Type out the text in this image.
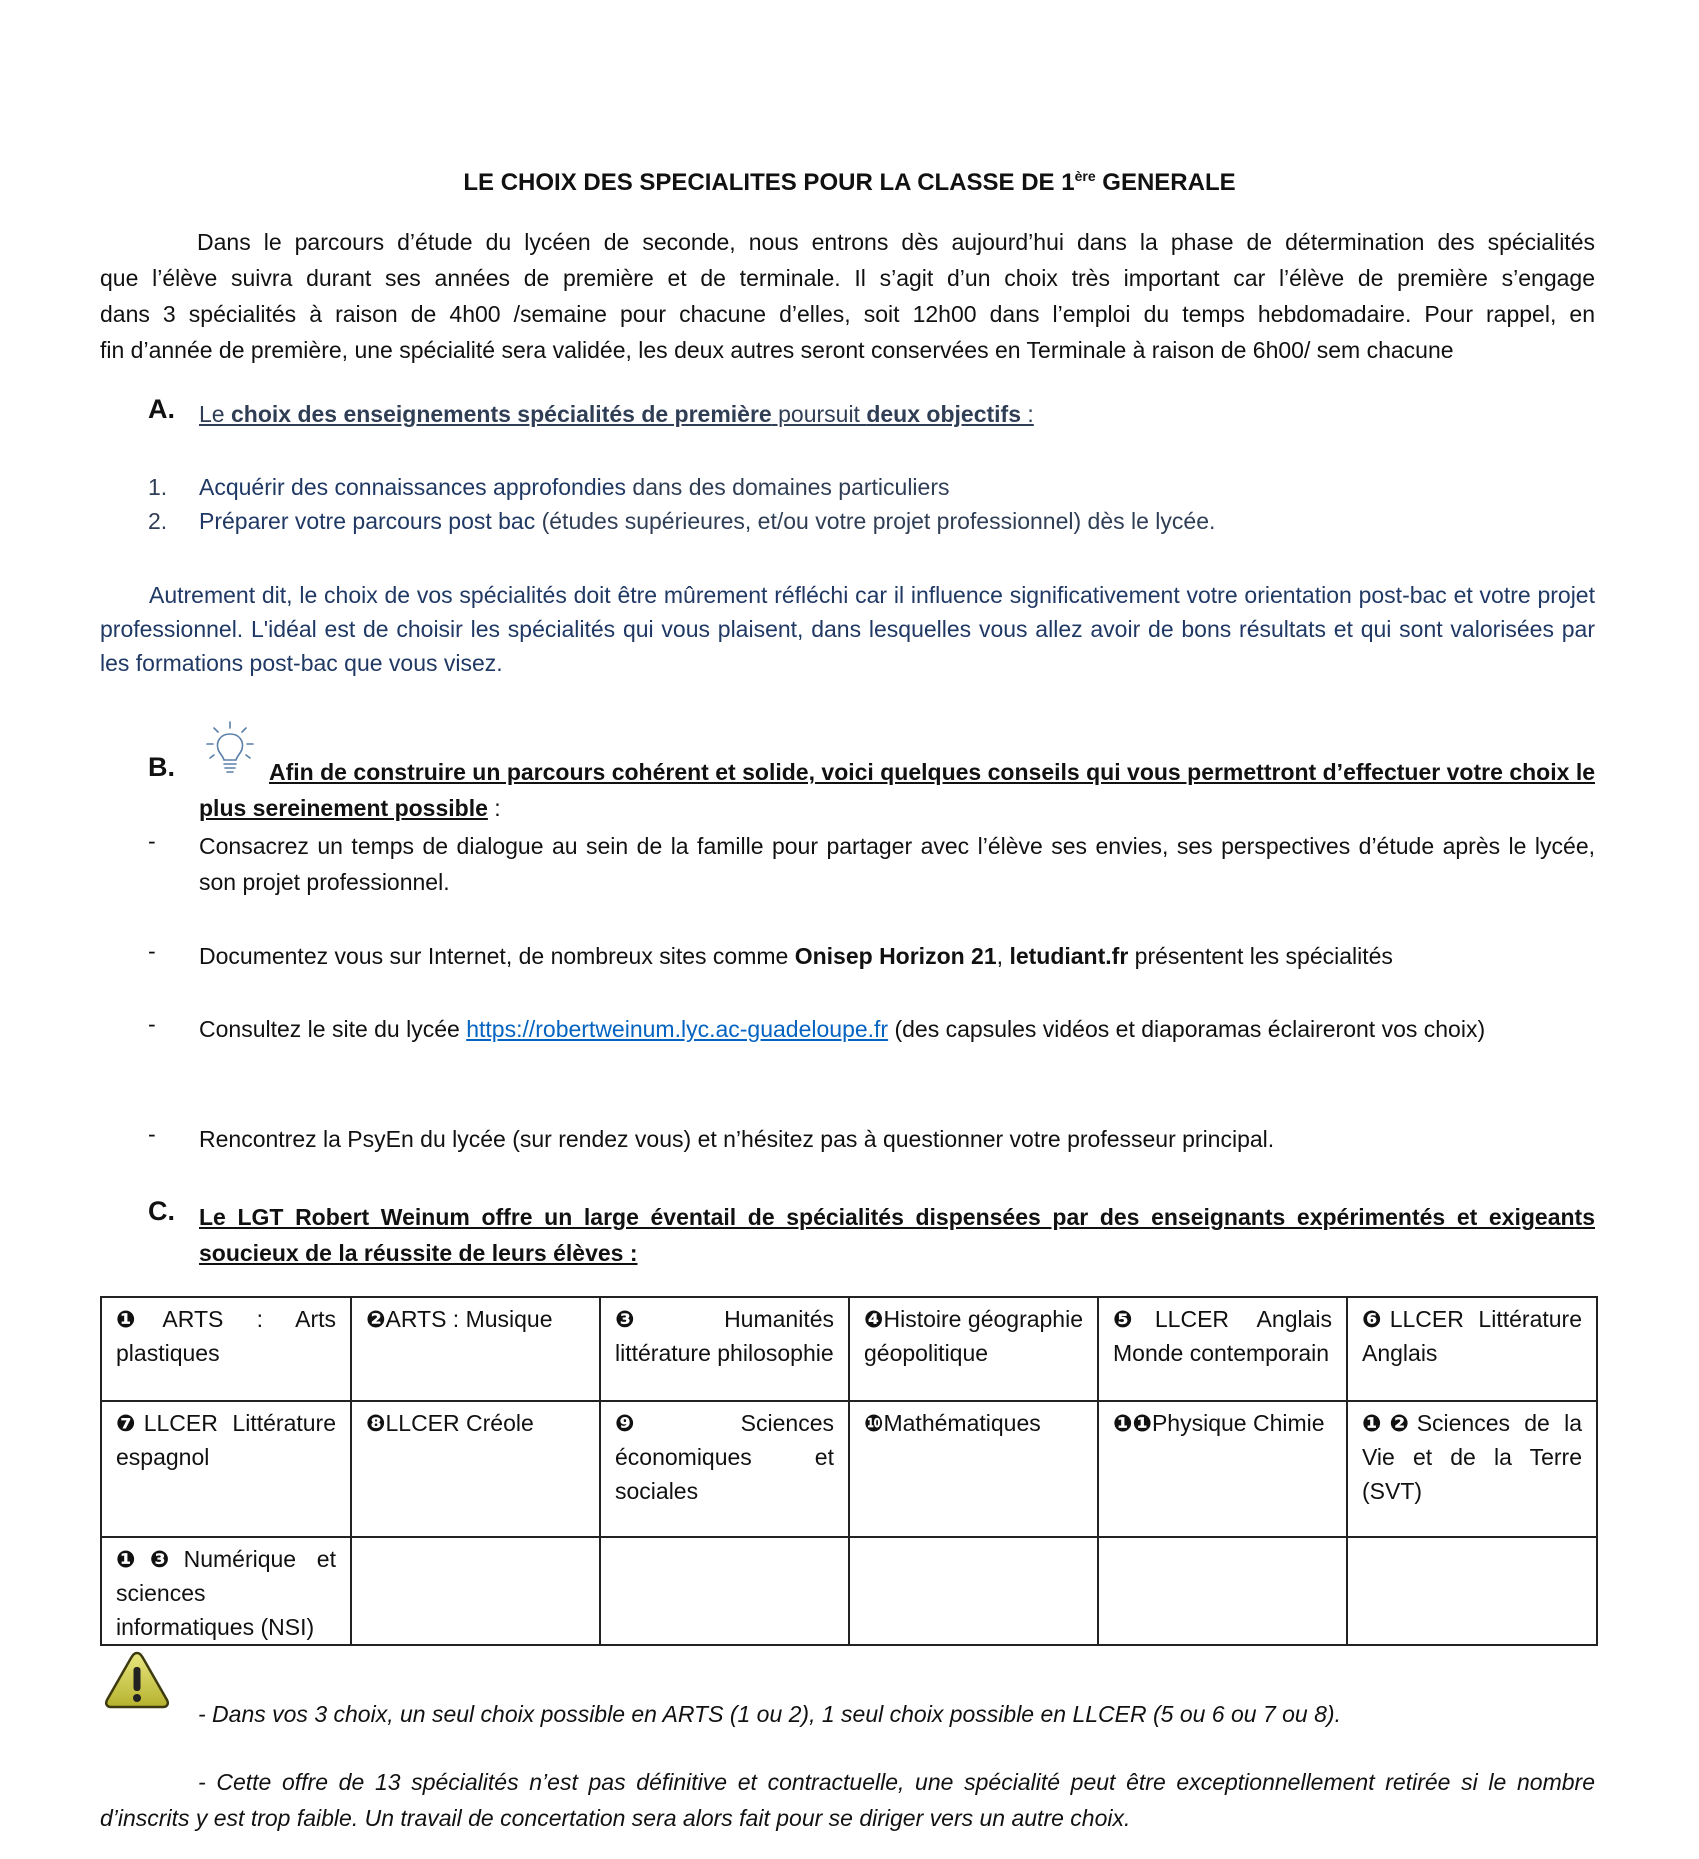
LE CHOIX DES SPECIALITES POUR LA CLASSE DE 1ère GENERALE
Dans le parcours d’étude du lycéen de seconde, nous entrons dès aujourd’hui dans la phase de détermination des spécialités
que l’élève suivra durant ses années de première et de terminale. Il s’agit d’un choix très important car l’élève de première s’engage
dans 3 spécialités à raison de 4h00 /semaine pour chacune d’elles, soit 12h00 dans l’emploi du temps hebdomadaire. Pour rappel, en
fin d’année de première, une spécialité sera validée, les deux autres seront conservées en Terminale à raison de 6h00/ sem chacune
A. Le choix des enseignements spécialités de première poursuit deux objectifs :
1. Acquérir des connaissances approfondies dans des domaines particuliers
2. Préparer votre parcours post bac (études supérieures, et/ou votre projet professionnel) dès le lycée.
Autrement dit, le choix de vos spécialités doit être mûrement réfléchi car il influence significativement votre orientation post-bac et votre projet professionnel. L'idéal est de choisir les spécialités qui vous plaisent, dans lesquelles vous allez avoir de bons résultats et qui sont valorisées par les formations post-bac que vous visez.
B.	Afin de construire un parcours cohérent et solide, voici quelques conseils qui vous permettront d’effectuer votre choix le plus sereinement possible :
- Consacrez un temps de dialogue au sein de la famille pour partager avec l’élève ses envies, ses perspectives d’étude après le lycée, son projet professionnel.
- Documentez vous sur Internet, de nombreux sites comme Onisep Horizon 21, letudiant.fr présentent les spécialités
- Consultez le site du lycée https://robertweinum.lyc.ac-guadeloupe.fr (des capsules vidéos et diaporamas éclaireront vos choix)
- Rencontrez la PsyEn du lycée (sur rendez vous) et n’hésitez pas à questionner votre professeur principal.
C. Le LGT Robert Weinum offre un large éventail de spécialités dispensées par des enseignants expérimentés et exigeants soucieux de la réussite de leurs élèves :
❶ARTS : Arts plastiques	❷ARTS : Musique	❸Humanités littérature philosophie	❹Histoire géographie géopolitique	❺LLCER Anglais Monde contemporain	❻LLCER Littérature Anglais
❼LLCER Littérature espagnol	❽LLCER Créole	❾Sciences économiques et sociales	❿Mathématiques	❶❶Physique Chimie	❶❷Sciences de la Vie et de la Terre (SVT)
❶❸Numérique et sciences informatiques (NSI)					
- Dans vos 3 choix, un seul choix possible en ARTS (1 ou 2), 1 seul choix possible en LLCER (5 ou 6 ou 7 ou 8).
- Cette offre de 13 spécialités n’est pas définitive et contractuelle, une spécialité peut être exceptionnellement retirée si le nombre d’inscrits y est trop faible. Un travail de concertation sera alors fait pour se diriger vers un autre choix.
